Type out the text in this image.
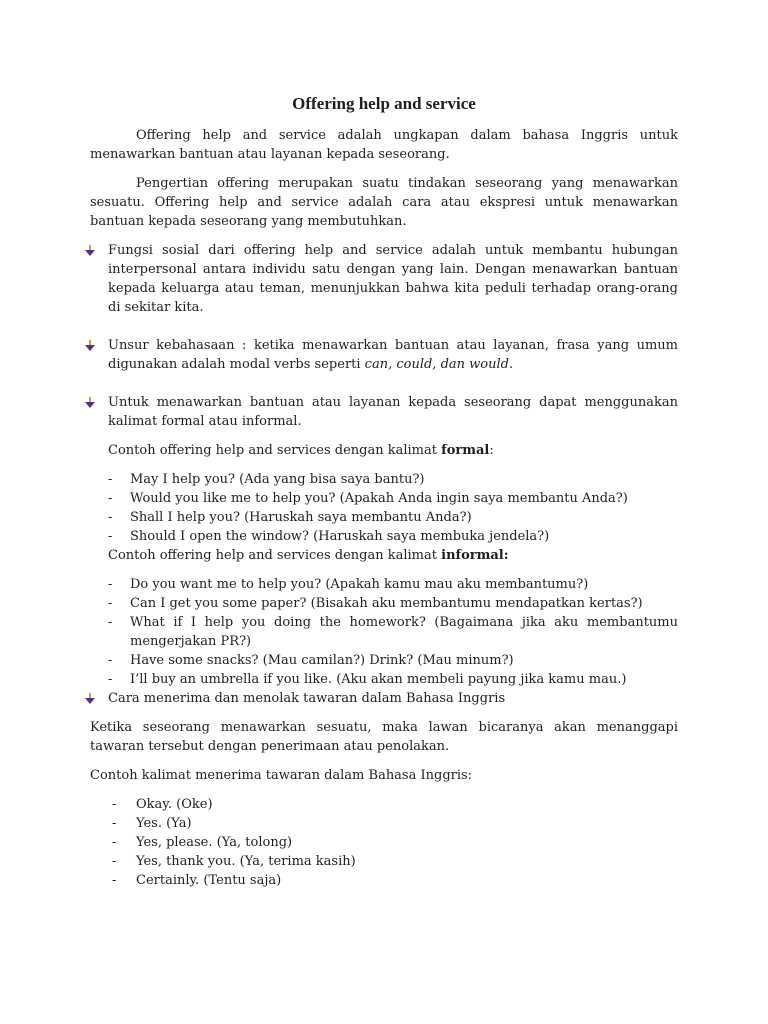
Offering help and service

Offering help and service adalah ungkapan dalam bahasa Inggris untuk menawarkan bantuan atau layanan kepada seseorang.

Pengertian offering merupakan suatu tindakan seseorang yang menawarkan sesuatu. Offering help and service adalah cara atau ekspresi untuk menawarkan bantuan kepada seseorang yang membutuhkan.

Fungsi sosial dari offering help and service adalah untuk membantu hubungan interpersonal antara individu satu dengan yang lain. Dengan menawarkan bantuan kepada keluarga atau teman, menunjukkan bahwa kita peduli terhadap orang-orang di sekitar kita.

Unsur kebahasaan : ketika menawarkan bantuan atau layanan, frasa yang umum digunakan adalah modal verbs seperti can, could, dan would.

Untuk menawarkan bantuan atau layanan kepada seseorang dapat menggunakan kalimat formal atau informal.

Contoh offering help and services dengan kalimat formal:

- May I help you? (Ada yang bisa saya bantu?)
- Would you like me to help you? (Apakah Anda ingin saya membantu Anda?)
- Shall I help you? (Haruskah saya membantu Anda?)
- Should I open the window? (Haruskah saya membuka jendela?)

Contoh offering help and services dengan kalimat informal:

- Do you want me to help you? (Apakah kamu mau aku membantumu?)
- Can I get you some paper? (Bisakah aku membantumu mendapatkan kertas?)
- What if I help you doing the homework? (Bagaimana jika aku membantumu mengerjakan PR?)
- Have some snacks? (Mau camilan?) Drink? (Mau minum?)
- I’ll buy an umbrella if you like. (Aku akan membeli payung jika kamu mau.)

Cara menerima dan menolak tawaran dalam Bahasa Inggris

Ketika seseorang menawarkan sesuatu, maka lawan bicaranya akan menanggapi tawaran tersebut dengan penerimaan atau penolakan.

Contoh kalimat menerima tawaran dalam Bahasa Inggris:

- Okay. (Oke)
- Yes. (Ya)
- Yes, please. (Ya, tolong)
- Yes, thank you. (Ya, terima kasih)
- Certainly. (Tentu saja)
